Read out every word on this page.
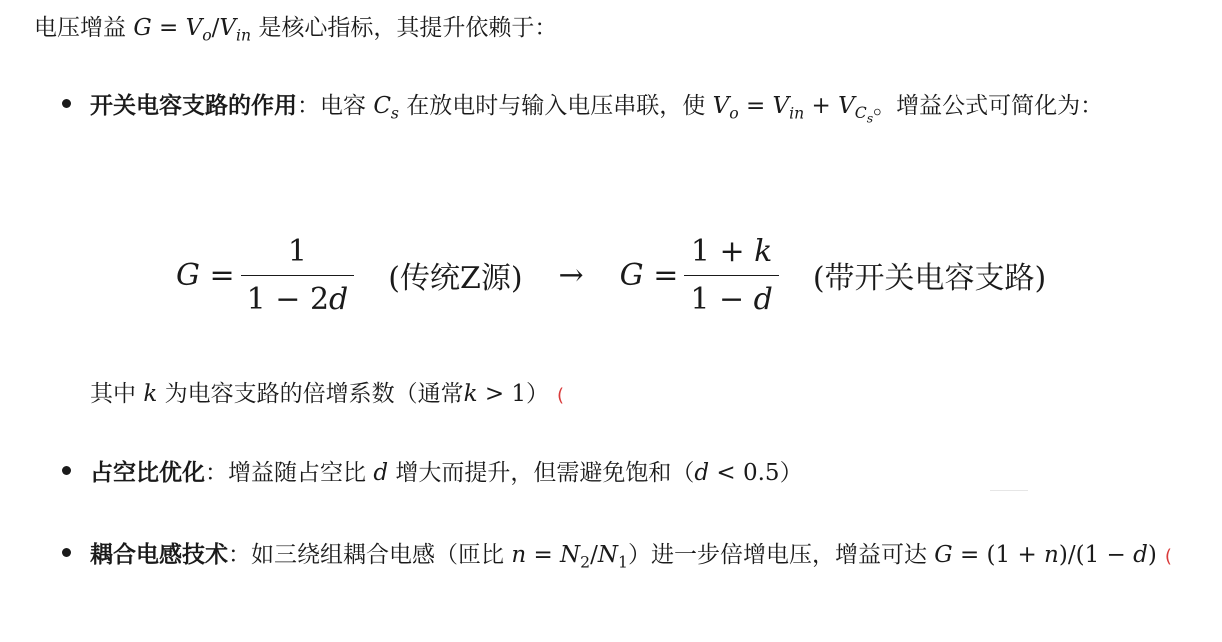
电压增益 $G = V_o/V_{in}$ 是核心指标，其提升依赖于：
开关电容支路的作用：电容 $C_s$ 在放电时与输入电压串联，使 $V_o = V_{in} + V_{C_s}$。增益公式可简化为：
$G = \frac{1}{1 - 2d}$ (传统Z源) → $G = \frac{1 + k}{1 - d}$ (带开关电容支路)
其中 k 为电容支路的倍增系数（通常k > 1） (
占空比优化：增益随占空比 d 增大而提升，但需避免饱和（d < 0.5）
耦合电感技术：如三绕组耦合电感（匝比 $n = N_2/N_1$）进一步倍增电压，增益可达 G = (1 + n)/(1 − d) (
